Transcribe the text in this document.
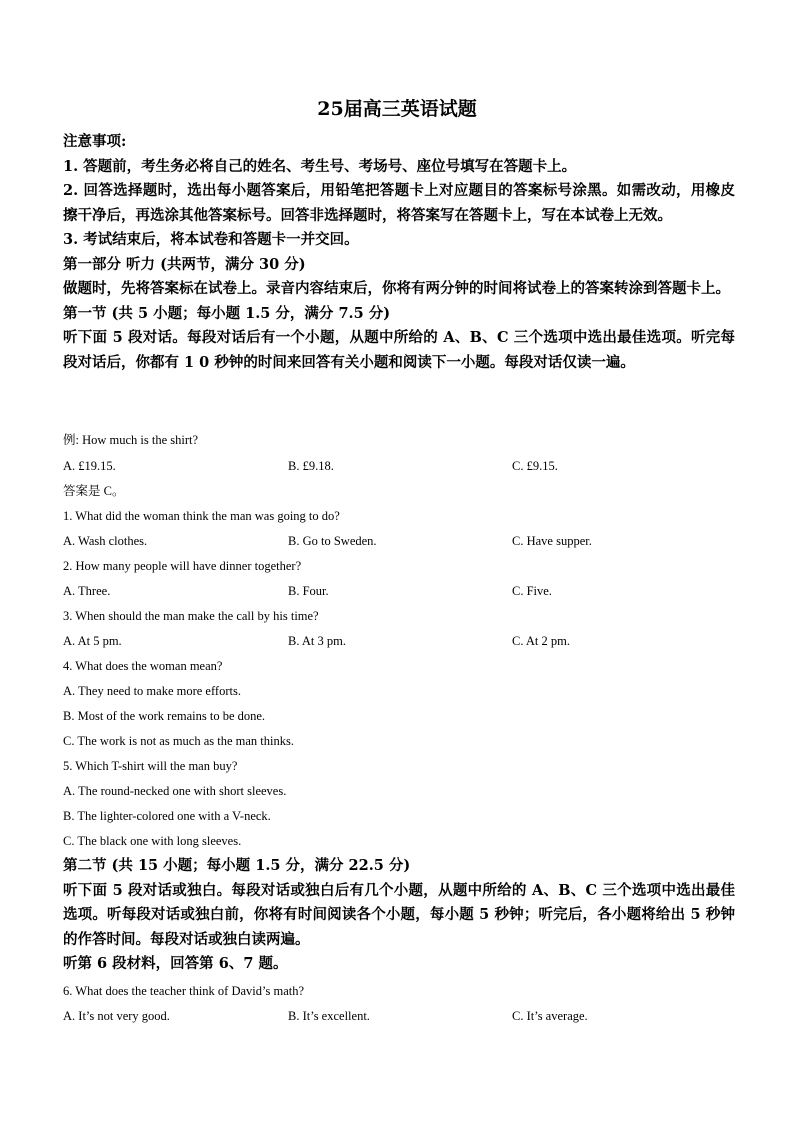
25届高三英语试题

注意事项:

1. 答题前，考生务必将自己的姓名、考生号、考场号、座位号填写在答题卡上。

2. 回答选择题时，选出每小题答案后，用铅笔把答题卡上对应题目的答案标号涂黑。如需改动，用橡皮擦干净后，再选涂其他答案标号。回答非选择题时，将答案写在答题卡上，写在本试卷上无效。

3. 考试结束后，将本试卷和答题卡一并交回。

第一部分 听力 (共两节，满分 30 分)

做题时，先将答案标在试卷上。录音内容结束后，你将有两分钟的时间将试卷上的答案转涂到答题卡上。

第一节 (共 5 小题；每小题 1.5 分，满分 7.5 分)

听下面 5 段对话。每段对话后有一个小题，从题中所给的 A、B、C 三个选项中选出最佳选项。听完每段对话后，你都有 1 0 秒钟的时间来回答有关小题和阅读下一小题。每段对话仅读一遍。

例: How much is the shirt?
A. £19.15.	B. £9.18.	C. £9.15.
答案是 C。
1. What did the woman think the man was going to do?
A. Wash clothes.	B. Go to Sweden.	C. Have supper.
2. How many people will have dinner together?
A. Three.	B. Four.	C. Five.
3. When should the man make the call by his time?
A. At 5 pm.	B. At 3 pm.	C. At 2 pm.
4. What does the woman mean?
A. They need to make more efforts.
B. Most of the work remains to be done.
C. The work is not as much as the man thinks.
5. Which T-shirt will the man buy?
A. The round-necked one with short sleeves.
B. The lighter-colored one with a V-neck.
C. The black one with long sleeves.

第二节 (共 15 小题；每小题 1.5 分，满分 22.5 分)

听下面 5 段对话或独白。每段对话或独白后有几个小题，从题中所给的 A、B、C 三个选项中选出最佳选项。听每段对话或独白前，你将有时间阅读各个小题，每小题 5 秒钟；听完后，各小题将给出 5 秒钟的作答时间。每段对话或独白读两遍。

听第 6 段材料，回答第 6、7 题。

6. What does the teacher think of David’s math?
A. It’s not very good.	B. It’s excellent.	C. It’s average.
